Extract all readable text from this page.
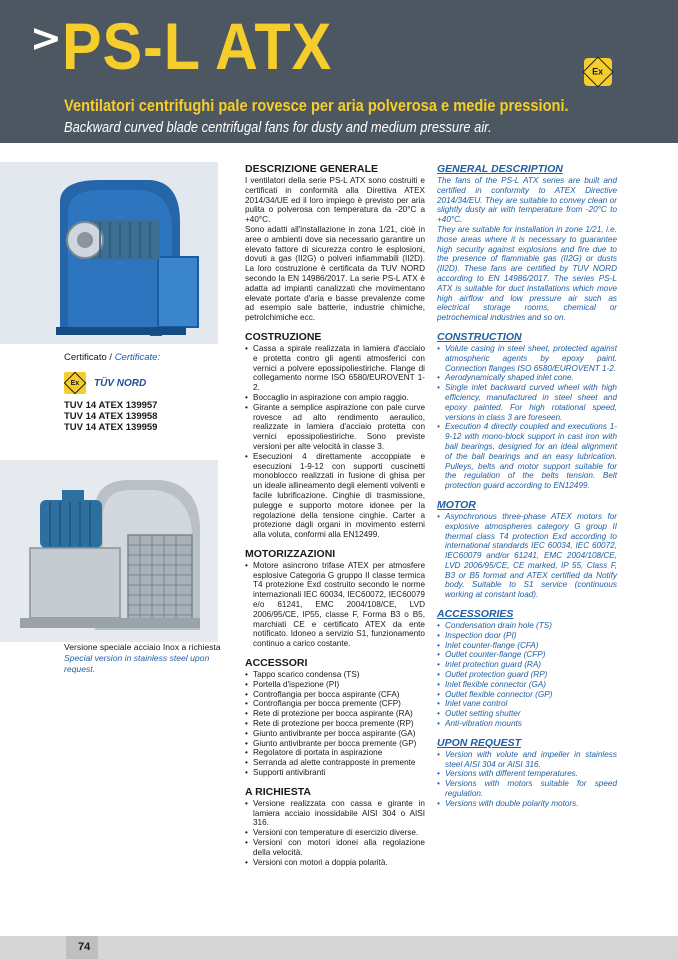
> PS-L ATX	Ex
Ventilatori centrifughi pale rovesce per aria polverosa e medie pressioni.
Backward curved blade centrifugal fans for dusty and medium pressure air.
Certificato / Certificate:
Ex TÜV NORD
TUV 14 ATEX 139957
TUV 14 ATEX 139958
TUV 14 ATEX 139959
Versione speciale acciaio Inox a richiesta
Special version in stainless steel upon request.
DESCRIZIONE GENERALE

I ventilatori della serie PS-L ATX sono costruiti e certificati in conformità alla Direttiva ATEX 2014/34/UE ed il loro impiego è previsto per aria pulita o polverosa con temperatura da -20°C a +40°C.

Sono adatti all'installazione in zona 1/21, cioè in aree o ambienti dove sia necessario garantire un elevato fattore di sicurezza contro le esplosioni, dovuti a gas (II2G) o polveri infiammabili (II2D). La loro costruzione è certificata da TUV NORD secondo la EN 14986/2017. La serie PS-L ATX è adatta ad impianti canalizzati che movimentano elevate portate d'aria e basse prevalenze come ad esempio sale batterie, industrie chimiche, petrolchimiche ecc.

COSTRUZIONE
• Cassa a spirale realizzata in lamiera d'acciaio e protetta contro gli agenti atmosferici con vernici a polvere epossipoliestiriche. Flange di collegamento norme ISO 6580/EUROVENT 1-2.
• Boccaglio in aspirazione con ampio raggio.
• Girante a semplice aspirazione con pale curve rovesce ad alto rendimento aeraulico, realizzate in lamiera d'acciaio protetta con vernici epossipoliestiriche. Sono previste versioni per alte velocità in classe 3.
• Esecuzioni 4 direttamente accoppiate e esecuzioni 1-9-12 con supporti cuscinetti monoblocco realizzati in fusione di ghisa per un ideale allineamento degli elementi volventi e facile lubrificazione. Cinghie di trasmissione, pulegge e supporto motore idonee per la regolazione della tensione cinghie. Carter a protezione dagli organi in movimento esterni alla voluta, conformi alla EN12499.
MOTORIZZAZIONI
• Motore asincrono trifase ATEX per atmosfere esplosive Categoria G gruppo II classe termica T4 protezione Exd costruito secondo le norme internazionali IEC 60034, IEC60072, IEC60079 e/o 61241, EMC 2004/108/CE, LVD 2006/95/CE, IP55, classe F, Forma B3 o B5, marchiati CE e certificato ATEX da ente notificato. Idoneo a servizio S1, funzionamento continuo a carico costante.
ACCESSORI
• Tappo scarico condensa (TS)
• Portella d'ispezione (PI)
• Controflangia per bocca aspirante (CFA)
• Controflangia per bocca premente (CFP)
• Rete di protezione per bocca aspirante (RA)
• Rete di protezione per bocca premente (RP)
• Giunto antivibrante per bocca aspirante (GA)
• Giunto antivibrante per bocca premente (GP)
• Regolatore di portata in aspirazione
• Serranda ad alette contrapposte in premente
• Supporti antivibranti
A RICHIESTA
• Versione realizzata con cassa e girante in lamiera acciaio inossidabile AISI 304 o AISI 316.
• Versioni con temperature di esercizio diverse.
• Versioni con motori idonei alla regolazione della velocità.
• Versioni con motori a doppia polarità.
GENERAL DESCRIPTION

The fans of the PS-L ATX series are built and certified in conformity to ATEX Directive 2014/34/EU. They are suitable to convey clean or slightly dusty air with temperature from -20°C to +40°C.

They are suitable for installation in zone 1/21, i.e. those areas where it is necessary to guarantee high security against explosions and fire due to the presence of flammable gas (II2G) or dusts (II2D). These fans are certified by TUV NORD according to EN 14986/2017. The series PS-L ATX is suitable for duct installations which move high airflow and low pressure air such as electrical storage rooms, chemical or petrochemical industries and so on.

CONSTRUCTION
• Volute casing in steel sheet, protected against atmospheric agents by epoxy paint. Connection flanges ISO 6580/EUROVENT 1-2.
• Aerodynamically shaped inlet cone.
• Single inlet backward curved wheel with high efficiency, manufactured in steel sheet and epoxy painted. For high rotational speed, versions in class 3 are foreseen.
• Execution 4 directly coupled and executions 1-9-12 with mono-block support in cast iron with ball bearings, designed for an ideal alignment of the ball bearings and an easy lubrication. Pulleys, belts and motor support suitable for the regulation of the belts tension. Belt protection guard according to EN12499.
MOTOR
• Asynchronous three-phase ATEX motors for explosive atmospheres category G group II thermal class T4 protection Exd according to international standards IEC 60034, IEC 60072, IEC60079 and/or 61241, EMC 2004/108/CE, LVD 2006/95/CE, CE marked, IP 55, Class F, B3 or B5 format and ATEX certified da Notify body. Suitable to S1 service (continuous working at constant load).
ACCESSORIES
• Condensation drain hole (TS)
• Inspection door (PI)
• Inlet counter-flange (CFA)
• Outlet counter-flange (CFP)
• Inlet protection guard (RA)
• Outlet protection guard (RP)
• Inlet flexible connector (GA)
• Outlet flexible connector (GP)
• Inlet vane control
• Outlet setting shutter
• Anti-vibration mounts
UPON REQUEST
• Version with volute and impeller in stainless steel AISI 304 or AISI 316.
• Versions with different temperatures.
• Versions with motors suitable for speed regulation.
• Versions with double polarity motors.
74
